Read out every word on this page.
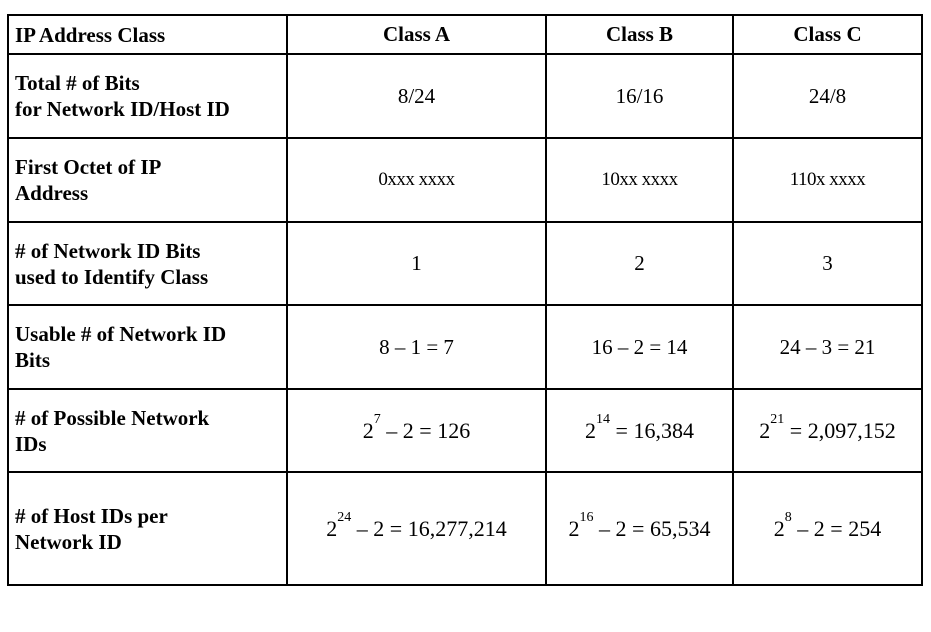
IP Address Class	Class A	Class B	Class C

Total # of Bits
for Network ID/Host ID	8/24	16/16	24/8

First Octet of IP
Address	0xxx xxxx	10xx xxxx	110x xxxx

# of Network ID Bits
used to Identify Class	1	2	3

Usable # of Network ID
Bits	8 – 1 = 7	16 – 2 = 14	24 – 3 = 21

# of Possible Network
IDs	$2^7 - 2 = 126$	$2^{14} = 16,384$	$2^{21} = 2,097,152$

# of Host IDs per
Network ID	$2^{24} - 2 = 16,277,214$	$2^{16} - 2 = 65,534$	$2^8 - 2 = 254$
